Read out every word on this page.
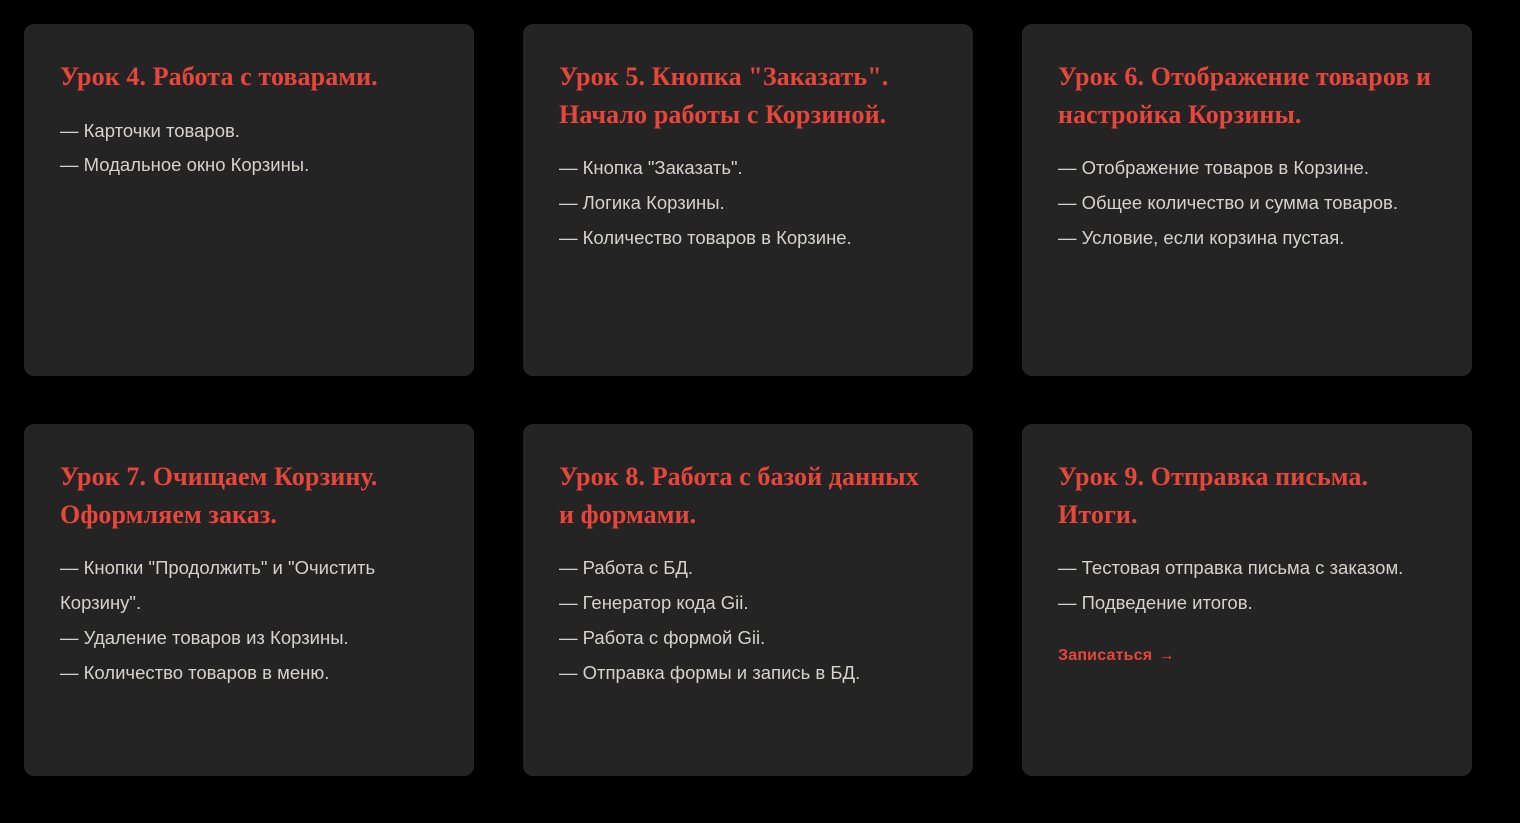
Урок 4. Работа с товарами.
— Карточки товаров.
— Модальное окно Корзины.
Урок 5. Кнопка "Заказать". Начало работы с Корзиной.
— Кнопка "Заказать".
— Логика Корзины.
— Количество товаров в Корзине.
Урок 6. Отображение товаров и настройка Корзины.
— Отображение товаров в Корзине.
— Общее количество и сумма товаров.
— Условие, если корзина пустая.
Урок 7. Очищаем Корзину. Оформляем заказ.
— Кнопки "Продолжить" и "Очистить Корзину".
— Удаление товаров из Корзины.
— Количество товаров в меню.
Урок 8. Работа с базой данных и формами.
— Работа с БД.
— Генератор кода Gii.
— Работа с формой Gii.
— Отправка формы и запись в БД.
Урок 9. Отправка письма. Итоги.
— Тестовая отправка письма с заказом.
— Подведение итогов.
Записаться →
